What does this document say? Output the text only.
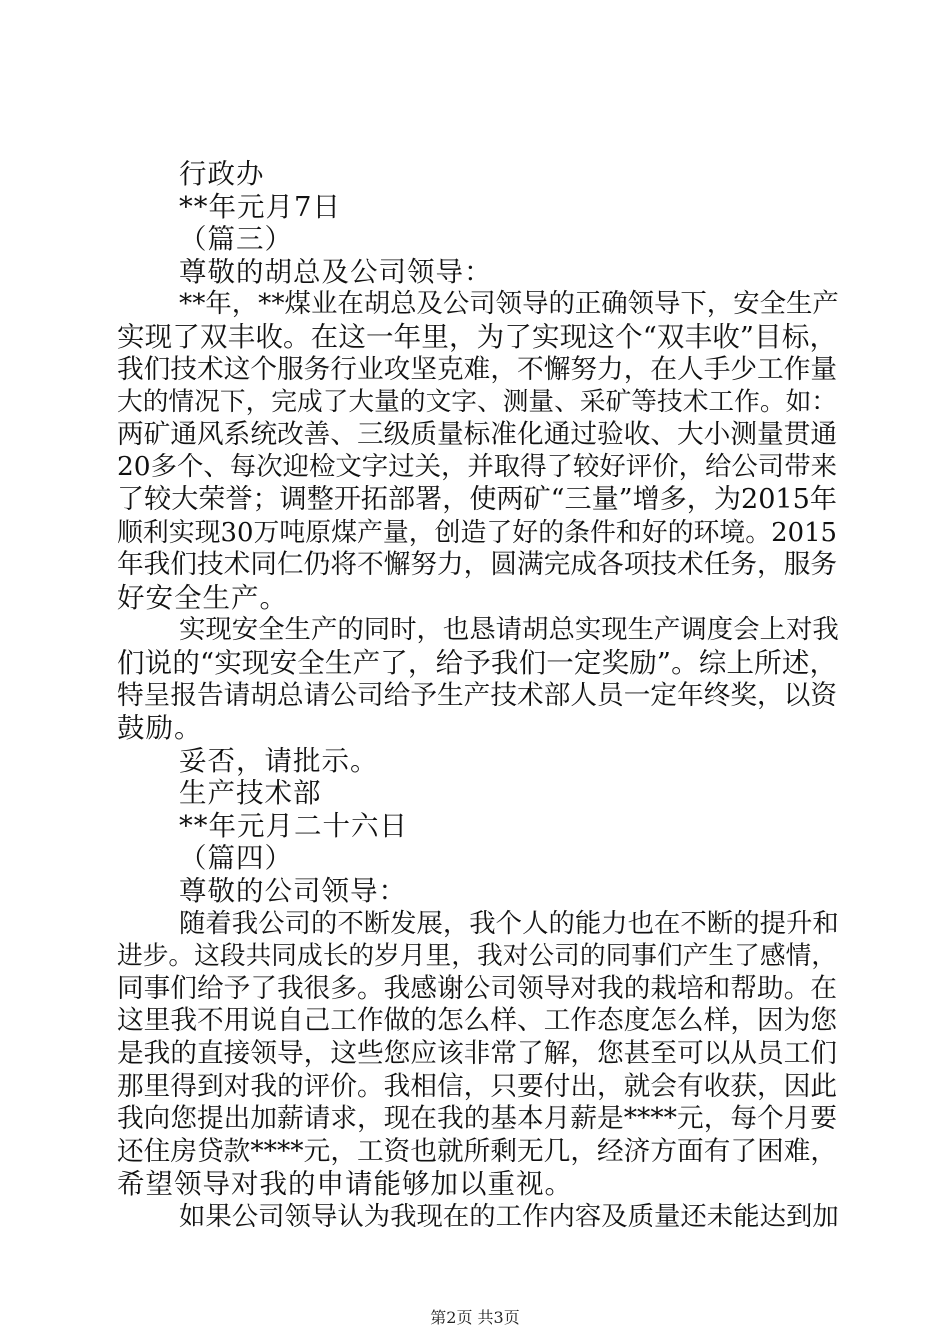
行政办
**年元月7日
（篇三）
尊敬的胡总及公司领导：
**年，**煤业在胡总及公司领导的正确领导下，安全生产
实现了双丰收。在这一年里，为了实现这个“双丰收”目标，
我们技术这个服务行业攻坚克难，不懈努力，在人手少工作量
大的情况下，完成了大量的文字、测量、采矿等技术工作。如：
两矿通风系统改善、三级质量标准化通过验收、大小测量贯通
20多个、每次迎检文字过关，并取得了较好评价，给公司带来
了较大荣誉；调整开拓部署，使两矿“三量”增多，为2015年
顺利实现30万吨原煤产量，创造了好的条件和好的环境。2015
年我们技术同仁仍将不懈努力，圆满完成各项技术任务，服务
好安全生产。
实现安全生产的同时，也恳请胡总实现生产调度会上对我
们说的“实现安全生产了，给予我们一定奖励”。综上所述，
特呈报告请胡总请公司给予生产技术部人员一定年终奖，以资
鼓励。
妥否，请批示。
生产技术部
**年元月二十六日
（篇四）
尊敬的公司领导：
随着我公司的不断发展，我个人的能力也在不断的提升和
进步。这段共同成长的岁月里，我对公司的同事们产生了感情，
同事们给予了我很多。我感谢公司领导对我的栽培和帮助。在
这里我不用说自己工作做的怎么样、工作态度怎么样，因为您
是我的直接领导，这些您应该非常了解，您甚至可以从员工们
那里得到对我的评价。我相信，只要付出，就会有收获，因此
我向您提出加薪请求，现在我的基本月薪是****元，每个月要
还住房贷款****元，工资也就所剩无几，经济方面有了困难，
希望领导对我的申请能够加以重视。
如果公司领导认为我现在的工作内容及质量还未能达到加
第2页 共3页
